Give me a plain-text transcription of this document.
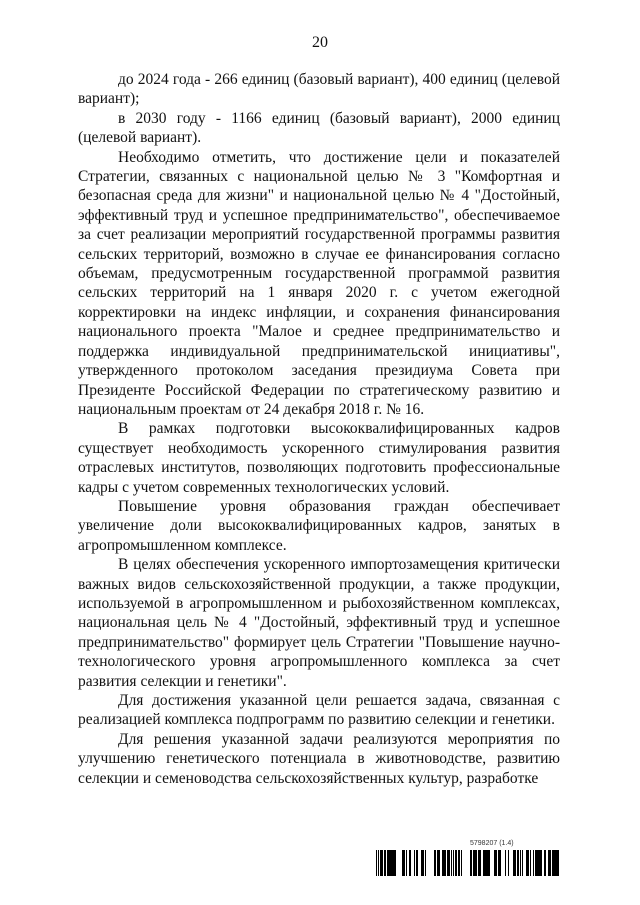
20

до 2024 года - 266 единиц (базовый вариант), 400 единиц (целевой вариант);

в 2030 году - 1166 единиц (базовый вариант), 2000 единиц (целевой вариант).

Необходимо отметить, что достижение цели и показателей Стратегии, связанных с национальной целью № 3 "Комфортная и безопасная среда для жизни" и национальной целью № 4 "Достойный, эффективный труд и успешное предпринимательство", обеспечиваемое за счет реализации мероприятий государственной программы развития сельских территорий, возможно в случае ее финансирования согласно объемам, предусмотренным государственной программой развития сельских территорий на 1 января 2020 г. с учетом ежегодной корректировки на индекс инфляции, и сохранения финансирования национального проекта "Малое и среднее предпринимательство и поддержка индивидуальной предпринимательской инициативы", утвержденного протоколом заседания президиума Совета при Президенте Российской Федерации по стратегическому развитию и национальным проектам от 24 декабря 2018 г. № 16.

В рамках подготовки высококвалифицированных кадров существует необходимость ускоренного стимулирования развития отраслевых институтов, позволяющих подготовить профессиональные кадры с учетом современных технологических условий.

Повышение уровня образования граждан обеспечивает увеличение доли высококвалифицированных кадров, занятых в агропромышленном комплексе.

В целях обеспечения ускоренного импортозамещения критически важных видов сельскохозяйственной продукции, а также продукции, используемой в агропромышленном и рыбохозяйственном комплексах, национальная цель № 4 "Достойный, эффективный труд и успешное предпринимательство" формирует цель Стратегии "Повышение научно-технологического уровня агропромышленного комплекса за счет развития селекции и генетики".

Для достижения указанной цели решается задача, связанная с реализацией комплекса подпрограмм по развитию селекции и генетики.

Для решения указанной задачи реализуются мероприятия по улучшению генетического потенциала в животноводстве, развитию селекции и семеноводства сельскохозяйственных культур, разработке

5798207 (1.4)
